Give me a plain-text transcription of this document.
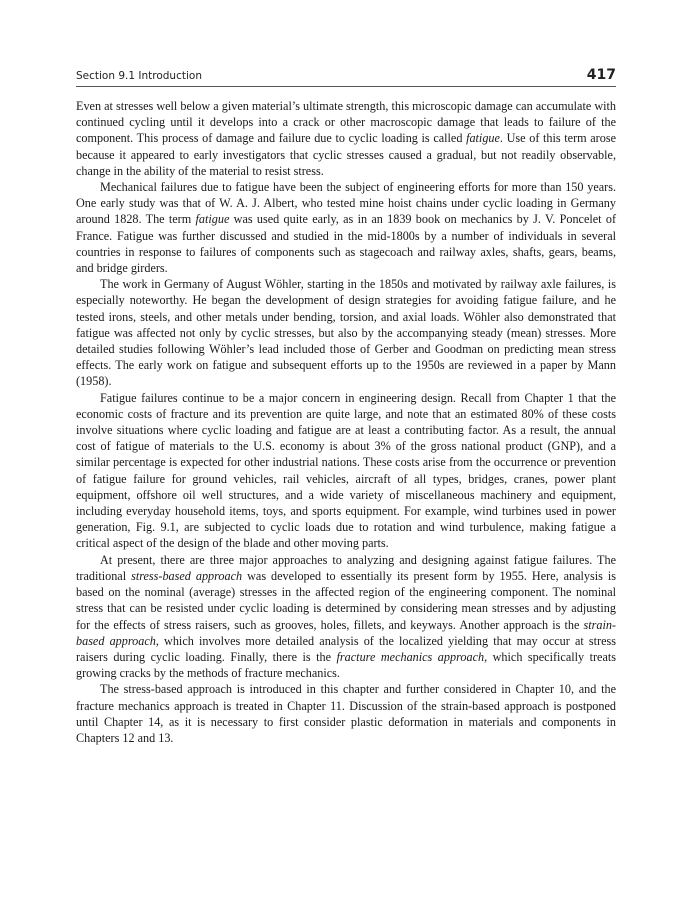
Section 9.1 Introduction	417

Even at stresses well below a given material’s ultimate strength, this microscopic damage can accumulate with continued cycling until it develops into a crack or other macroscopic damage that leads to failure of the component. This process of damage and failure due to cyclic loading is called fatigue. Use of this term arose because it appeared to early investigators that cyclic stresses caused a gradual, but not readily observable, change in the ability of the material to resist stress.

Mechanical failures due to fatigue have been the subject of engineering efforts for more than 150 years. One early study was that of W. A. J. Albert, who tested mine hoist chains under cyclic loading in Germany around 1828. The term fatigue was used quite early, as in an 1839 book on mechanics by J. V. Poncelet of France. Fatigue was further discussed and studied in the mid-1800s by a number of individuals in several countries in response to failures of components such as stagecoach and railway axles, shafts, gears, beams, and bridge girders.

The work in Germany of August Wöhler, starting in the 1850s and motivated by railway axle failures, is especially noteworthy. He began the development of design strategies for avoiding fatigue failure, and he tested irons, steels, and other metals under bending, torsion, and axial loads. Wöhler also demonstrated that fatigue was affected not only by cyclic stresses, but also by the accompanying steady (mean) stresses. More detailed studies following Wöhler’s lead included those of Gerber and Goodman on predicting mean stress effects. The early work on fatigue and subsequent efforts up to the 1950s are reviewed in a paper by Mann (1958).

Fatigue failures continue to be a major concern in engineering design. Recall from Chapter 1 that the economic costs of fracture and its prevention are quite large, and note that an estimated 80% of these costs involve situations where cyclic loading and fatigue are at least a contributing factor. As a result, the annual cost of fatigue of materials to the U.S. economy is about 3% of the gross national product (GNP), and a similar percentage is expected for other industrial nations. These costs arise from the occurrence or prevention of fatigue failure for ground vehicles, rail vehicles, aircraft of all types, bridges, cranes, power plant equipment, offshore oil well structures, and a wide variety of miscellaneous machinery and equipment, including everyday household items, toys, and sports equipment. For example, wind turbines used in power generation, Fig. 9.1, are subjected to cyclic loads due to rotation and wind turbulence, making fatigue a critical aspect of the design of the blade and other moving parts.

At present, there are three major approaches to analyzing and designing against fatigue failures. The traditional stress-based approach was developed to essentially its present form by 1955. Here, analysis is based on the nominal (average) stresses in the affected region of the engineering component. The nominal stress that can be resisted under cyclic loading is determined by considering mean stresses and by adjusting for the effects of stress raisers, such as grooves, holes, fillets, and keyways. Another approach is the strain-based approach, which involves more detailed analysis of the localized yielding that may occur at stress raisers during cyclic loading. Finally, there is the fracture mechanics approach, which specifically treats growing cracks by the methods of fracture mechanics.

The stress-based approach is introduced in this chapter and further considered in Chapter 10, and the fracture mechanics approach is treated in Chapter 11. Discussion of the strain-based approach is postponed until Chapter 14, as it is necessary to first consider plastic deformation in materials and components in Chapters 12 and 13.
